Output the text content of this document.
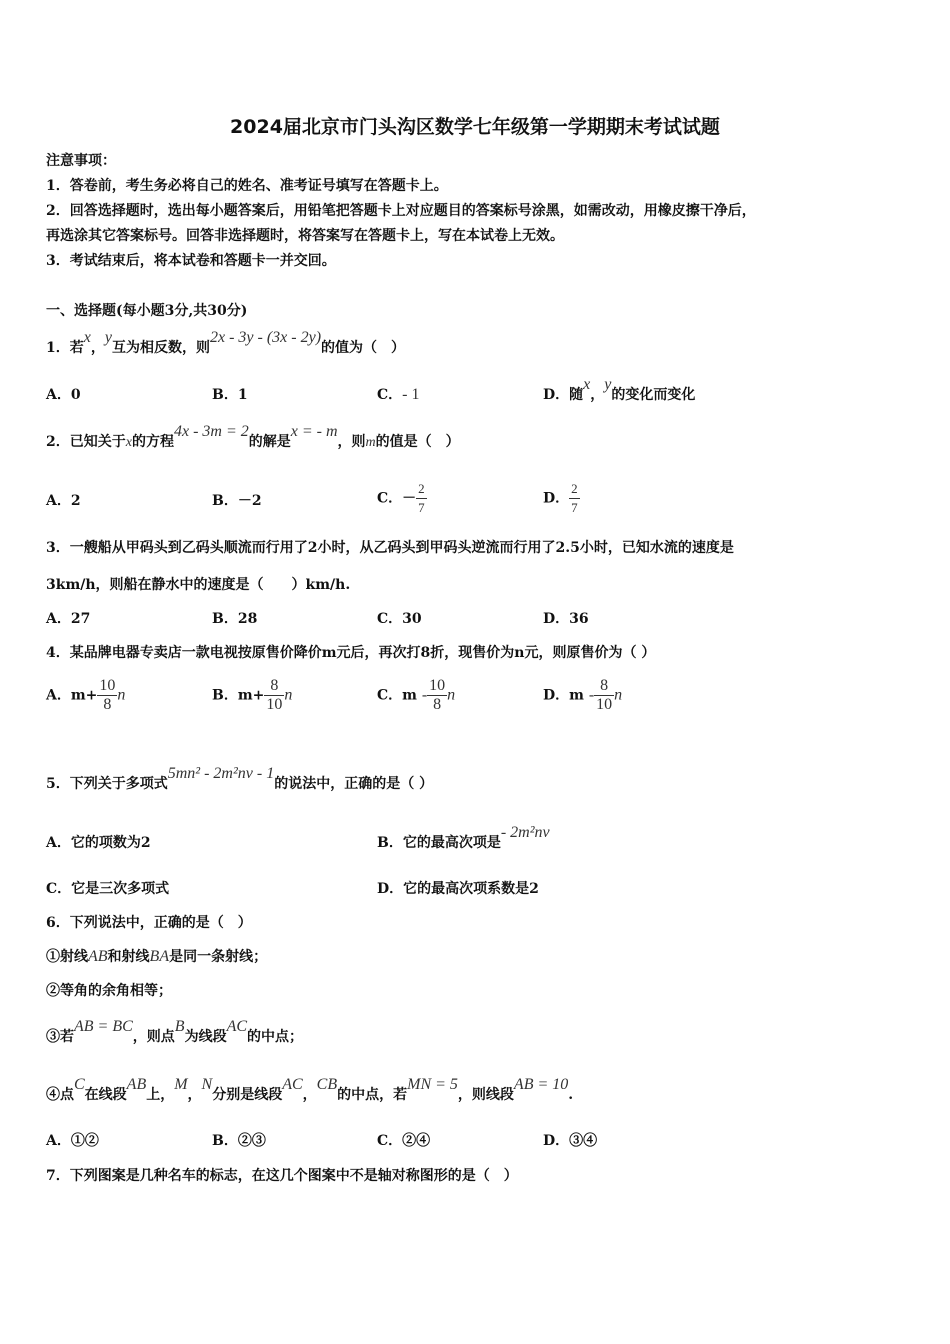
2024届北京市门头沟区数学七年级第一学期期末考试试题
注意事项：
1．答卷前，考生务必将自己的姓名、准考证号填写在答题卡上。
2．回答选择题时，选出每小题答案后，用铅笔把答题卡上对应题目的答案标号涂黑，如需改动，用橡皮擦干净后，
再选涂其它答案标号。回答非选择题时，将答案写在答题卡上，写在本试卷上无效。
3．考试结束后，将本试卷和答题卡一并交回。
一、选择题(每小题3分,共30分)
1．若x，y互为相反数，则2x - 3y - (3x - 2y)的值为（　）
A．0	B．1	C．- 1	D．随x，y的变化而变化
2．已知关于x的方程4x - 3m = 2的解是x = - m，则m的值是（　）
A．2	B．－2	C．－ $\frac{2}{7}$	D． $\frac{2}{7}$
3．一艘船从甲码头到乙码头顺流而行用了2小时，从乙码头到甲码头逆流而行用了2.5小时，已知水流的速度是
3km/h，则船在静水中的速度是（　　）km/h.
A．27	B．28	C．30	D．36
4．某品牌电器专卖店一款电视按原售价降价m元后，再次打8折，现售价为n元，则原售价为（ ）
A．$m+ \frac{10}{8}$ n	B．$m+ \frac{8}{10}$ n	C．m - $\frac{10}{8}$ n	D．m - $\frac{8}{10}$ n
5．下列关于多项式5mn² - 2m²nv - 1的说法中，正确的是（ ）
A．它的项数为2	B．它的最高次项是- 2m²nv
C．它是三次多项式	D．它的最高次项系数是2
6．下列说法中，正确的是（　）
①射线AB和射线BA是同一条射线；
②等角的余角相等；
③若AB = BC，则点B为线段AC的中点；
④点C在线段AB上，M，N分别是线段AC，CB的中点，若MN = 5，则线段AB = 10.
A．①②	B．②③	C．②④	D．③④
7．下列图案是几种名车的标志，在这几个图案中不是轴对称图形的是（　）
